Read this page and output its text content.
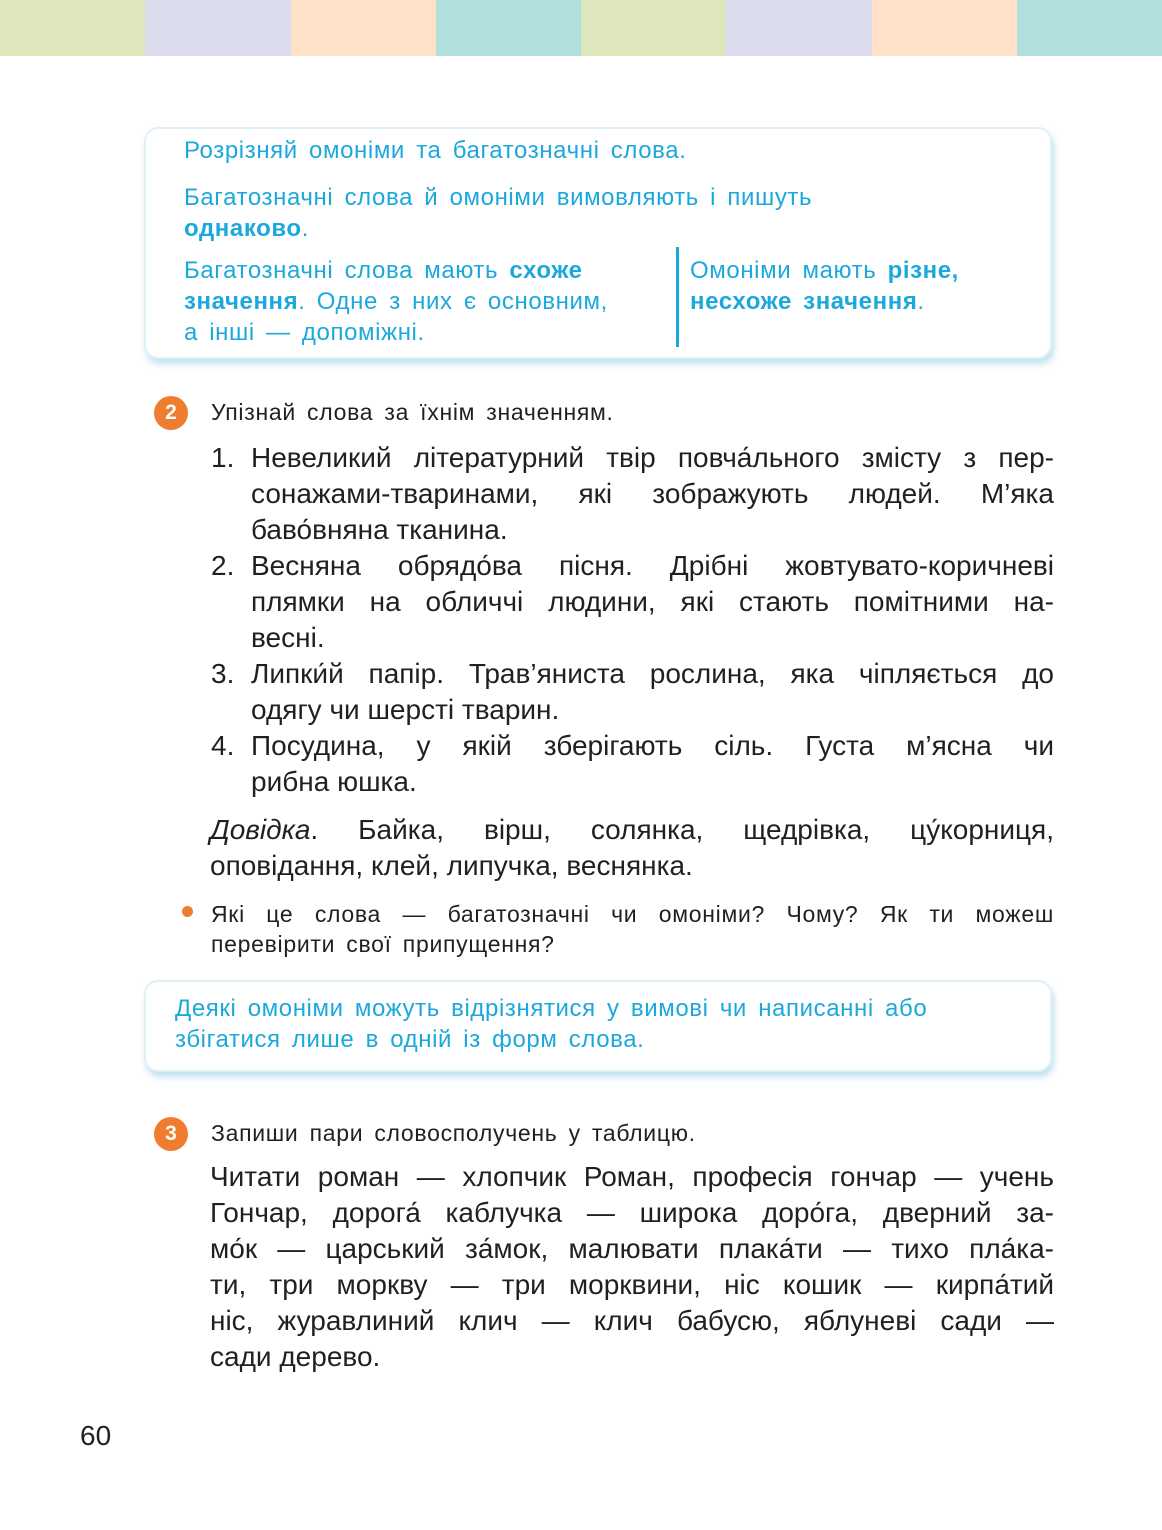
Розрізняй омоніми та багатозначні слова.

Багатозначні слова й омоніми вимовляють і пишуть

однаково.

Багатозначні слова мають схоже

значення. Одне з них є основним,

а інші — допоміжні.

Омоніми мають різне,

несхоже значення.

2	Упізнай слова за їхнім значенням.
1. Невеликий літературний твір повча́льного змісту з пер-

сонажами-тваринами, які зображують людей. М’яка

баво́вняна тканина.

2. Весняна обрядо́ва пісня. Дрібні жовтувато-коричневі

плямки на обличчі людини, які стають помітними на-

весні.

3. Липки́й папір. Трав’яниста рослина, яка чіпляється до

одягу чи шерсті тварин.

4. Посудина, у якій зберігають сіль. Густа м’ясна чи

рибна юшка.

Довідка. Байка, вірш, солянка, щедрівка, цу́корниця,

оповідання, клей, липучка, веснянка.

Які це слова — багатозначні чи омоніми? Чому? Як ти можеш
перевірити свої припущення?

Деякі омоніми можуть відрізнятися у вимові чи написанні або

збігатися лише в одній із форм слова.

3	Запиши пари словосполучень у таблицю.

Читати роман — хлопчик Роман, професія гончар — учень

Гончар, дорога́ каблучка — широка доро́га, дверний за-

мо́к — царський за́мок, малювати плака́ти — тихо пла́ка-

ти, три моркву — три морквини, ніс кошик — кирпа́тий

ніс, журавлиний клич — клич бабусю, яблуневі сади —

сади дерево.

60
